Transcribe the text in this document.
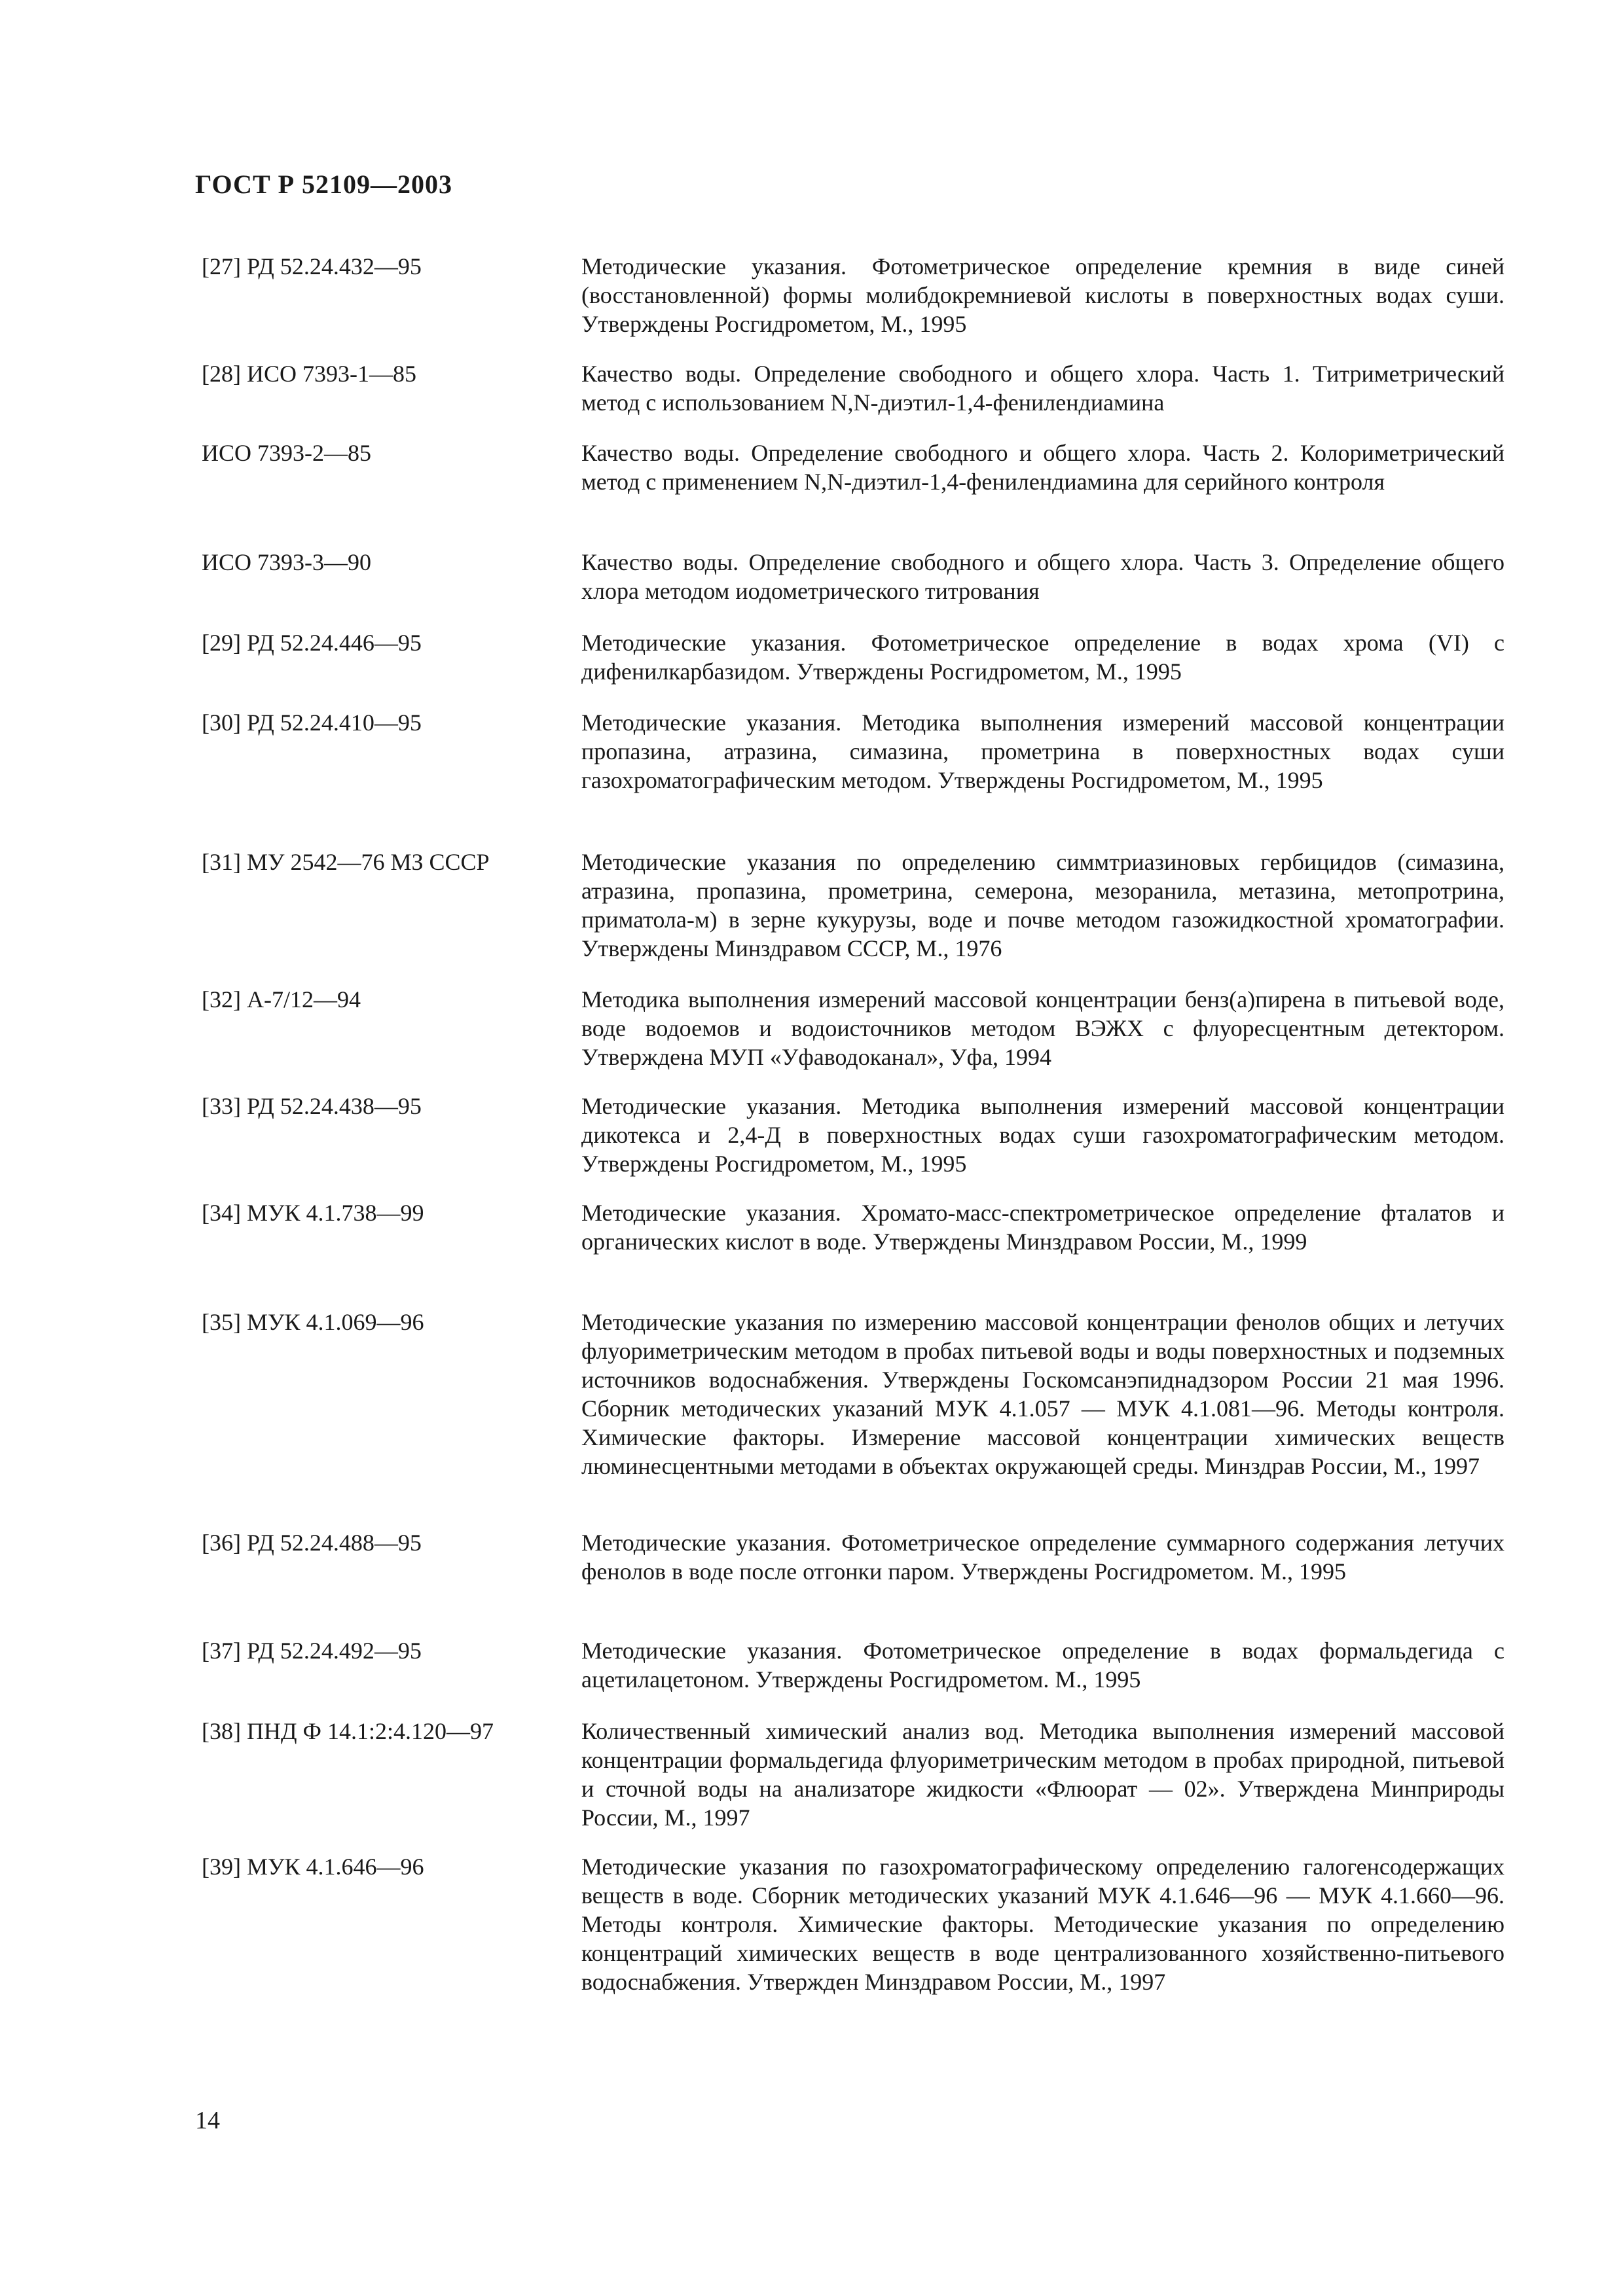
ГОСТ Р 52109—2003
[27] РД 52.24.432—95	Методические указания. Фотометрическое определение кремния в виде синей (восстановленной) формы молибдокремниевой кислоты в поверхностных водах суши. Утверждены Росгидрометом, М., 1995
[28] ИСО 7393-1—85	Качество воды. Определение свободного и общего хлора. Часть 1. Титриметрический метод с использованием N,N-диэтил-1,4-фенилендиамина
ИСО 7393-2—85	Качество воды. Определение свободного и общего хлора. Часть 2. Колориметрический метод с применением N,N-диэтил-1,4-фенилендиамина для серийного контроля
ИСО 7393-3—90	Качество воды. Определение свободного и общего хлора. Часть 3. Определение общего хлора методом иодометрического титрования
[29] РД 52.24.446—95	Методические указания. Фотометрическое определение в водах хрома (VI) с дифенилкарбазидом. Утверждены Росгидрометом, М., 1995
[30] РД 52.24.410—95	Методические указания. Методика выполнения измерений массовой концентрации пропазина, атразина, симазина, прометрина в поверхностных водах суши газохроматографическим методом. Утверждены Росгидрометом, М., 1995
[31] МУ 2542—76 МЗ СССР	Методические указания по определению симмтриазиновых гербицидов (симазина, атразина, пропазина, прометрина, семерона, мезоранила, метазина, метопротрина, приматола-м) в зерне кукурузы, воде и почве методом газожидкостной хроматографии. Утверждены Минздравом СССР, М., 1976
[32] А-7/12—94	Методика выполнения измерений массовой концентрации бенз(а)пирена в питьевой воде, воде водоемов и водоисточников методом ВЭЖХ с флуоресцентным детектором. Утверждена МУП «Уфаводоканал», Уфа, 1994
[33] РД 52.24.438—95	Методические указания. Методика выполнения измерений массовой концентрации дикотекса и 2,4-Д в поверхностных водах суши газохроматографическим методом. Утверждены Росгидрометом, М., 1995
[34] МУК 4.1.738—99	Методические указания. Хромато-масс-спектрометрическое определение фталатов и органических кислот в воде. Утверждены Минздравом России, М., 1999
[35] МУК 4.1.069—96	Методические указания по измерению массовой концентрации фенолов общих и летучих флуориметрическим методом в пробах питьевой воды и воды поверхностных и подземных источников водоснабжения. Утверждены Госкомсанэпиднадзором России 21 мая 1996. Сборник методических указаний МУК 4.1.057 — МУК 4.1.081—96. Методы контроля. Химические факторы. Измерение массовой концентрации химических веществ люминесцентными методами в объектах окружающей среды. Минздрав России, М., 1997
[36] РД 52.24.488—95	Методические указания. Фотометрическое определение суммарного содержания летучих фенолов в воде после отгонки паром. Утверждены Росгидрометом. М., 1995
[37] РД 52.24.492—95	Методические указания. Фотометрическое определение в водах формальдегида с ацетилацетоном. Утверждены Росгидрометом. М., 1995
[38] ПНД Ф 14.1:2:4.120—97	Количественный химический анализ вод. Методика выполнения измерений массовой концентрации формальдегида флуориметрическим методом в пробах природной, питьевой и сточной воды на анализаторе жидкости «Флюорат — 02». Утверждена Минприроды России, М., 1997
[39] МУК 4.1.646—96	Методические указания по газохроматографическому определению галогенсодержащих веществ в воде. Сборник методических указаний МУК 4.1.646—96 — МУК 4.1.660—96. Методы контроля. Химические факторы. Методические указания по определению концентраций химических веществ в воде централизованного хозяйственно-питьевого водоснабжения. Утвержден Минздравом России, М., 1997
14
